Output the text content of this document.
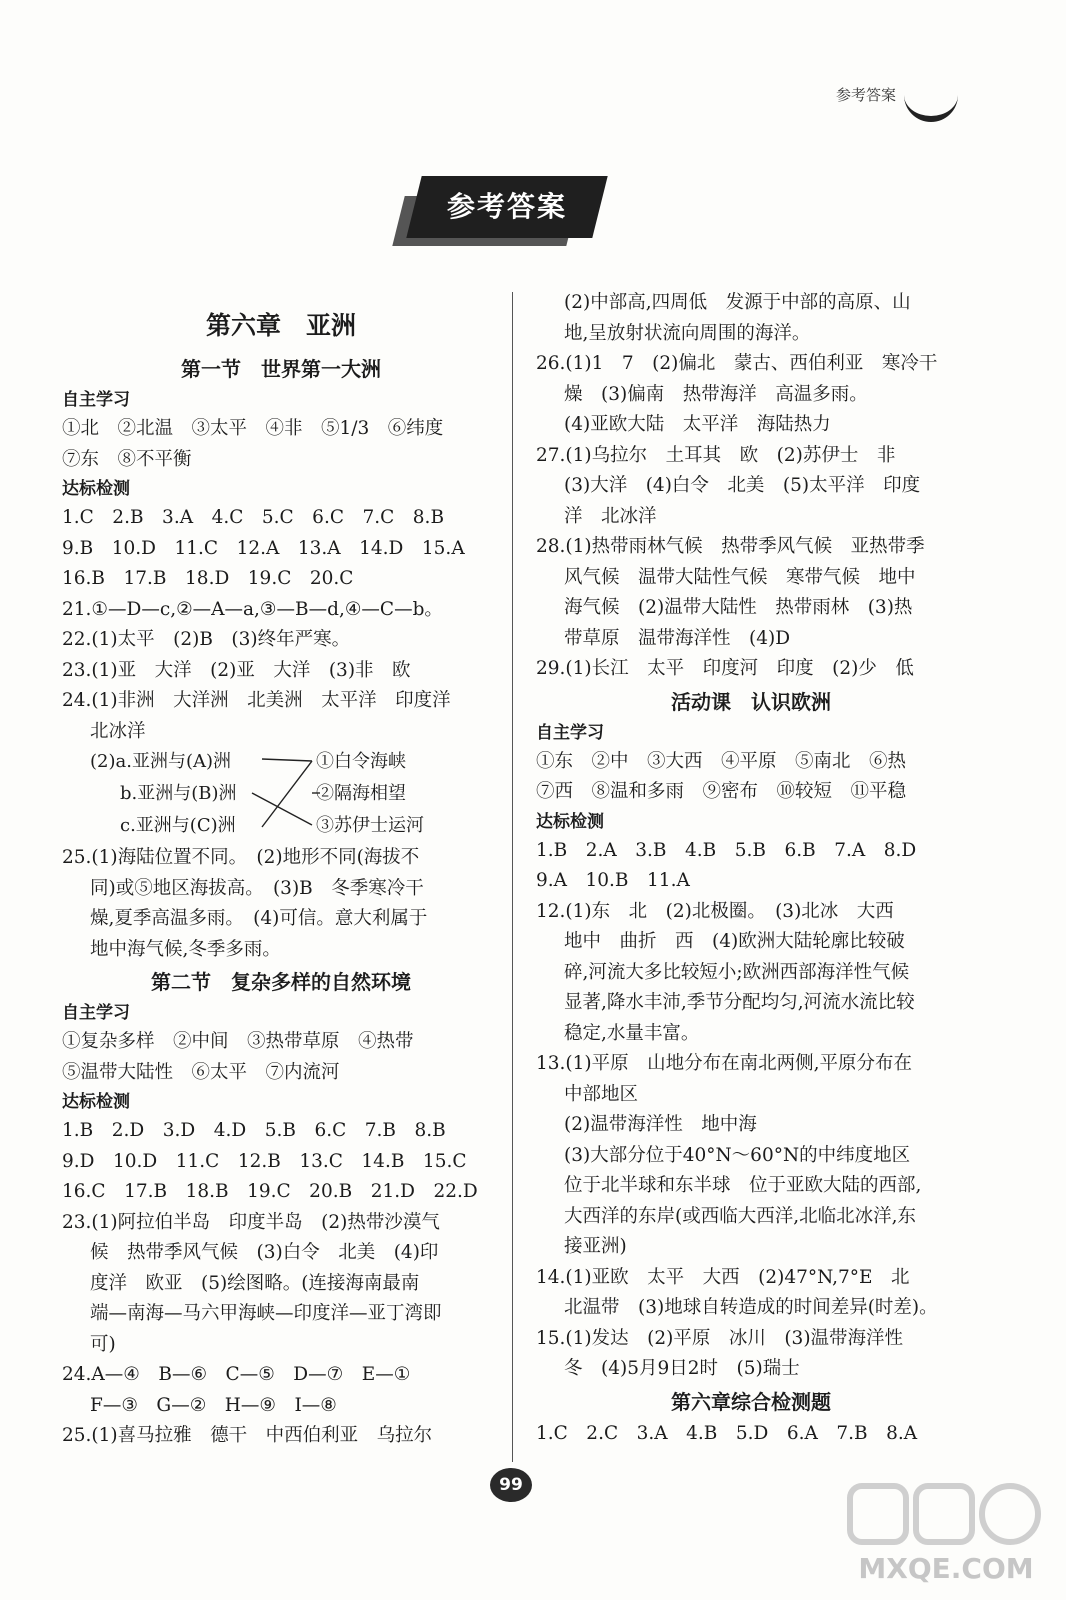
参考答案
参考答案
第六章　亚洲
第一节　世界第一大洲
自主学习
①北　②北温　③太平　④非　⑤1/3　⑥纬度
⑦东　⑧不平衡
达标检测
1.C　2.B　3.A　4.C　5.C　6.C　7.C　8.B
9.B　10.D　11.C　12.A　13.A　14.D　15.A
16.B　17.B　18.D　19.C　20.C
21.①—D—c,②—A—a,③—B—d,④—C—b。
22.(1)太平　(2)B　(3)终年严寒。
23.(1)亚　大洋　(2)亚　大洋　(3)非　欧
24.(1)非洲　大洋洲　北美洲　太平洋　印度洋
北冰洋
(2)a.亚洲与(A)洲
b.亚洲与(B)洲
c.亚洲与(C)洲
①白令海峡
②隔海相望
③苏伊士运河
25.(1)海陆位置不同。　(2)地形不同(海拔不
同)或⑤地区海拔高。　(3)B　冬季寒冷干
燥,夏季高温多雨。　(4)可信。意大利属于
地中海气候,冬季多雨。
第二节　复杂多样的自然环境
自主学习
①复杂多样　②中间　③热带草原　④热带
⑤温带大陆性　⑥太平　⑦内流河
达标检测
1.B　2.D　3.D　4.D　5.B　6.C　7.B　8.B
9.D　10.D　11.C　12.B　13.C　14.B　15.C
16.C　17.B　18.B　19.C　20.B　21.D　22.D
23.(1)阿拉伯半岛　印度半岛　(2)热带沙漠气
候　热带季风气候　(3)白令　北美　(4)印
度洋　欧亚　(5)绘图略。(连接海南最南
端—南海—马六甲海峡—印度洋—亚丁湾即
可)
24.A—④　B—⑥　C—⑤　D—⑦　E—①
F—③　G—②　H—⑨　I—⑧
25.(1)喜马拉雅　德干　中西伯利亚　乌拉尔
(2)中部高,四周低　发源于中部的高原、山
地,呈放射状流向周围的海洋。
26.(1)1　7　(2)偏北　蒙古、西伯利亚　寒冷干
燥　(3)偏南　热带海洋　高温多雨。
(4)亚欧大陆　太平洋　海陆热力
27.(1)乌拉尔　土耳其　欧　(2)苏伊士　非
(3)大洋　(4)白令　北美　(5)太平洋　印度
洋　北冰洋
28.(1)热带雨林气候　热带季风气候　亚热带季
风气候　温带大陆性气候　寒带气候　地中
海气候　(2)温带大陆性　热带雨林　(3)热
带草原　温带海洋性　(4)D
29.(1)长江　太平　印度河　印度　(2)少　低
活动课　认识欧洲
自主学习
①东　②中　③大西　④平原　⑤南北　⑥热
⑦西　⑧温和多雨　⑨密布　⑩较短　⑪平稳
达标检测
1.B　2.A　3.B　4.B　5.B　6.B　7.A　8.D
9.A　10.B　11.A
12.(1)东　北　(2)北极圈。　(3)北冰　大西
地中　曲折　西　(4)欧洲大陆轮廓比较破
碎,河流大多比较短小;欧洲西部海洋性气候
显著,降水丰沛,季节分配均匀,河流水流比较
稳定,水量丰富。
13.(1)平原　山地分布在南北两侧,平原分布在
中部地区
(2)温带海洋性　地中海
(3)大部分位于40°N～60°N的中纬度地区
位于北半球和东半球　位于亚欧大陆的西部,
大西洋的东岸(或西临大西洋,北临北冰洋,东
接亚洲)
14.(1)亚欧　太平　大西　(2)47°N,7°E　北
北温带　(3)地球自转造成的时间差异(时差)。
15.(1)发达　(2)平原　冰川　(3)温带海洋性
冬　(4)5月9日2时　(5)瑞士
第六章综合检测题
1.C　2.C　3.A　4.B　5.D　6.A　7.B　8.A
99
MXQE.COM
